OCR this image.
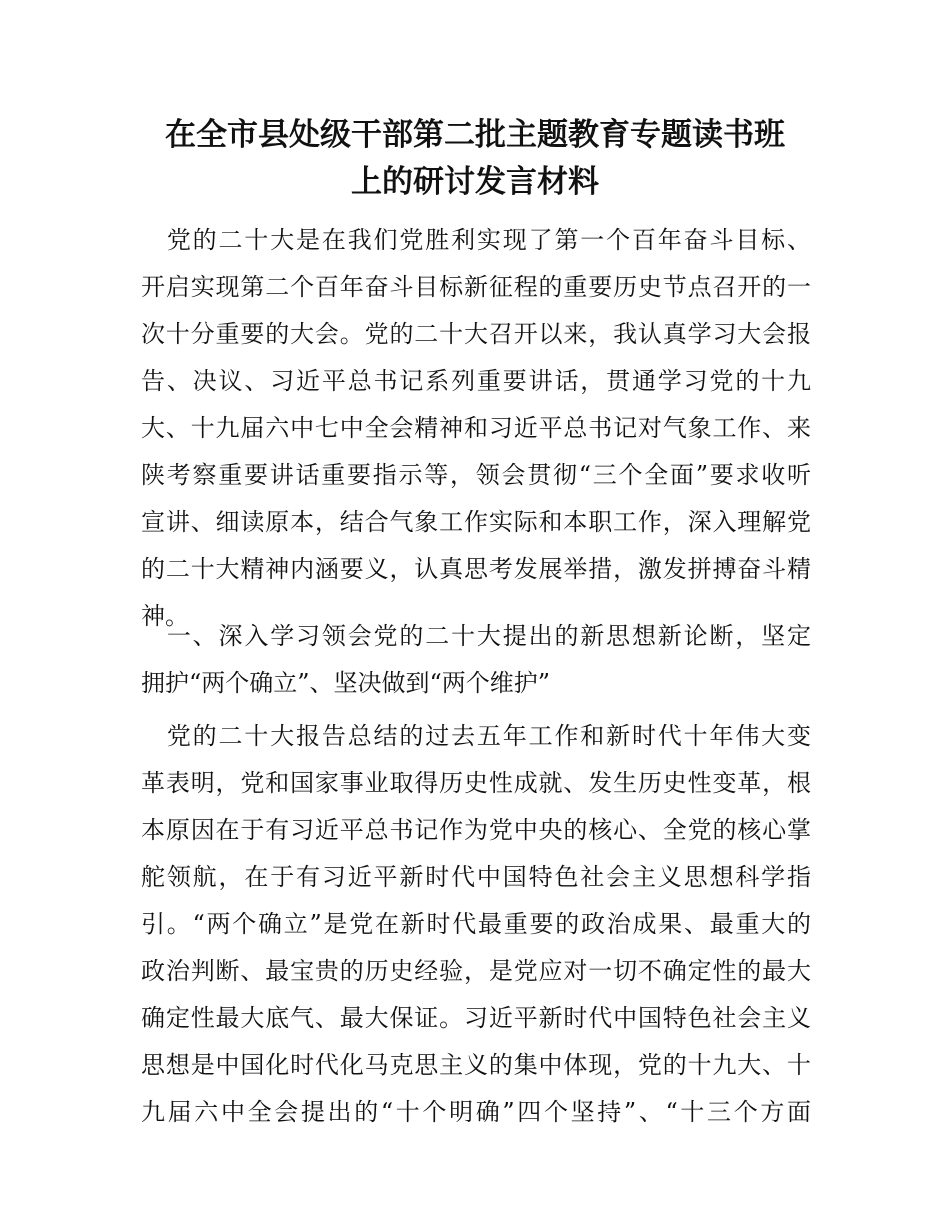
在全市县处级干部第二批主题教育专题读书班
上的研讨发言材料

　党的二十大是在我们党胜利实现了第一个百年奋斗目标、
开启实现第二个百年奋斗目标新征程的重要历史节点召开的一
次十分重要的大会。党的二十大召开以来，我认真学习大会报
告、决议、习近平总书记系列重要讲话，贯通学习党的十九
大、十九届六中七中全会精神和习近平总书记对气象工作、来
陕考察重要讲话重要指示等，领会贯彻“三个全面”要求收听
宣讲、细读原本，结合气象工作实际和本职工作，深入理解党
的二十大精神内涵要义，认真思考发展举措，激发拼搏奋斗精
神。

　一、深入学习领会党的二十大提出的新思想新论断，坚定
拥护“两个确立”、坚决做到“两个维护”

　党的二十大报告总结的过去五年工作和新时代十年伟大变
革表明，党和国家事业取得历史性成就、发生历史性变革，根
本原因在于有习近平总书记作为党中央的核心、全党的核心掌
舵领航，在于有习近平新时代中国特色社会主义思想科学指
引。“两个确立”是党在新时代最重要的政治成果、最重大的
政治判断、最宝贵的历史经验，是党应对一切不确定性的最大
确定性最大底气、最大保证。习近平新时代中国特色社会主义
思想是中国化时代化马克思主义的集中体现，党的十九大、十
九届六中全会提出的“十个明确”四个坚持”、“十三个方面
